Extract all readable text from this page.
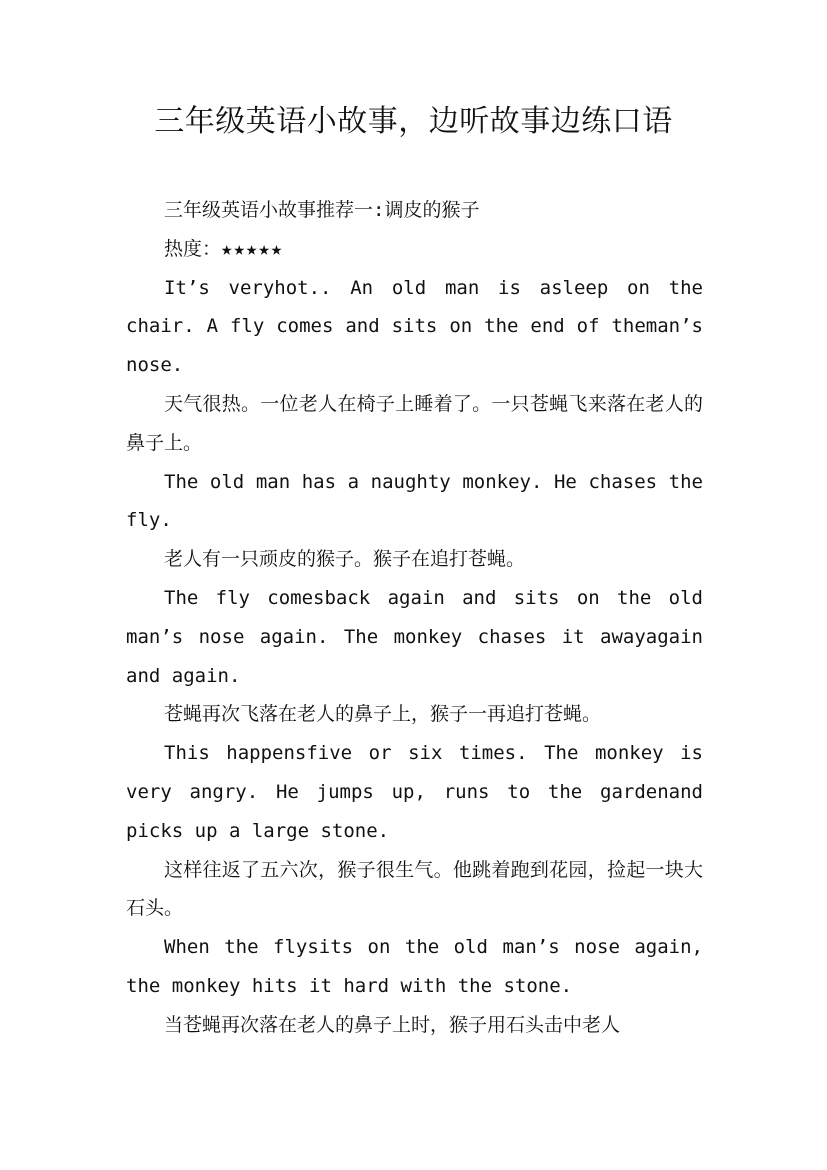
三年级英语小故事，边听故事边练口语

三年级英语小故事推荐一:调皮的猴子

热度：★★★★★

It’s veryhot.. An old man is asleep on the chair. A fly comes and sits on the end of theman’s nose.

天气很热。一位老人在椅子上睡着了。一只苍蝇飞来落在老人的鼻子上。

The old man has a naughty monkey. He chases the fly.

老人有一只顽皮的猴子。猴子在追打苍蝇。

The fly comesback again and sits on the old man’s nose again. The monkey chases it awayagain and again.

苍蝇再次飞落在老人的鼻子上，猴子一再追打苍蝇。

This happensfive or six times. The monkey is very angry. He jumps up, runs to the gardenand picks up a large stone.

这样往返了五六次，猴子很生气。他跳着跑到花园，捡起一块大石头。

When the flysits on the old man’s nose again, the monkey hits it hard with the stone.

当苍蝇再次落在老人的鼻子上时，猴子用石头击中老人
